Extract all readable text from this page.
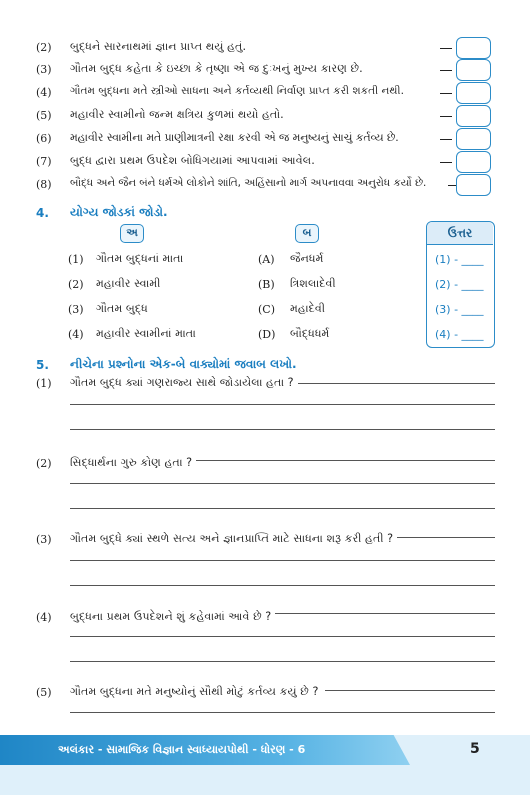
(2) બુદ્ધને સારનાથમાં જ્ઞાન પ્રાપ્ત થયું હતું.
(3) ગૌતમ બુદ્ધ કહેતા કે ઇચ્છા કે તૃષ્ણા એ જ દુઃખનું મુખ્ય કારણ છે.
(4) ગૌતમ બુદ્ધના મતે સ્ત્રીઓ સાધના અને કર્તવ્યથી નિર્વાણ પ્રાપ્ત કરી શકતી નથી.
(5) મહાવીર સ્વામીનો જન્મ ક્ષત્રિય કુળમાં થયો હતો.
(6) મહાવીર સ્વામીના મતે પ્રાણીમાત્રની રક્ષા કરવી એ જ મનુષ્યનું સાચું કર્તવ્ય છે.
(7) બુદ્ધ દ્વારા પ્રથમ ઉપદેશ બોધિગયામાં આપવામાં આવેલ.
(8) બૌદ્ધ અને જૈન બંને ધર્મએ લોકોને શાંતિ, અહિંસાનો માર્ગ અપનાવવા અનુરોધ કર્યો છે.
4. યોગ્ય જોડકાં જોડો.
અ	બ
(1) ગૌતમ બુદ્ધનાં માતા
(2) મહાવીર સ્વામી
(3) ગૌતમ બુદ્ધ
(4) મહાવીર સ્વામીનાં માતા
(A) જૈનધર્મ
(B) ત્રિશલાદેવી
(C) મહાદેવી
(D) બૌદ્ધધર્મ
ઉત્તર
(1) - ____
(2) - ____
(3) - ____
(4) - ____
5. નીચેના પ્રશ્નોના એક-બે વાક્યોમાં જવાબ લખો.
(1) ગૌતમ બુદ્ધ ક્યાં ગણરાજ્ય સાથે જોડાયેલા હતા ?
(2) સિદ્ધાર્થના ગુરુ કોણ હતા ?
(3) ગૌતમ બુદ્ધે ક્યાં સ્થળે સત્ય અને જ્ઞાનપ્રાપ્તિ માટે સાધના શરૂ કરી હતી ?
(4) બુદ્ધના પ્રથમ ઉપદેશને શું કહેવામાં આવે છે ?
(5) ગૌતમ બુદ્ધના મતે મનુષ્યોનું સૌથી મોટું કર્તવ્ય કયું છે ?
અલંકાર - સામાજિક વિજ્ઞાન સ્વાધ્યાયપોથી - ધોરણ - 6	5
